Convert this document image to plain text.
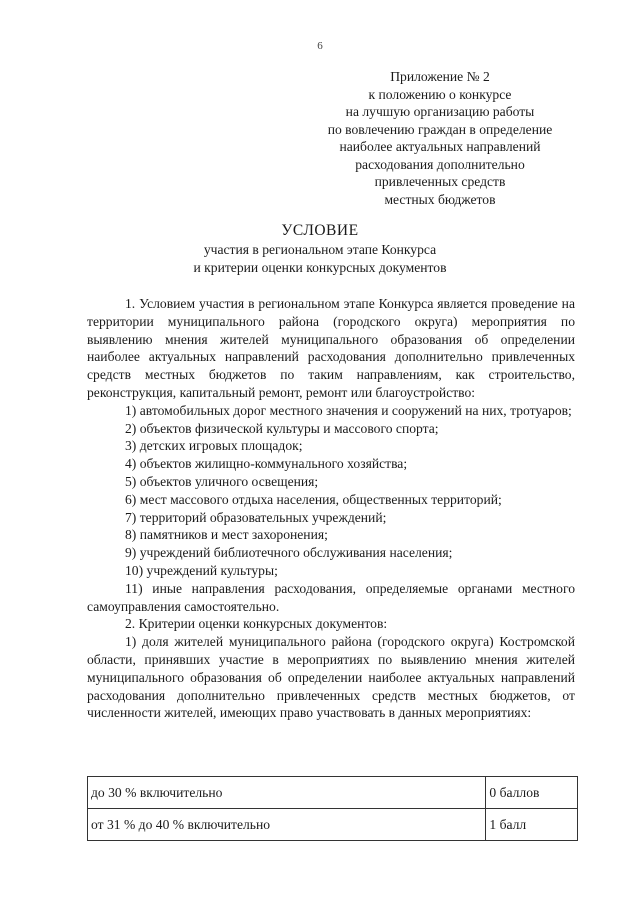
6
Приложение № 2
к положению о конкурсе
на лучшую организацию работы
по вовлечению граждан в определение
наиболее актуальных направлений
расходования дополнительно
привлеченных средств
местных бюджетов
УСЛОВИЕ
участия в региональном этапе Конкурса
и критерии оценки конкурсных документов
1. Условием участия в региональном этапе Конкурса является проведение на территории муниципального района (городского округа) мероприятия по выявлению мнения жителей муниципального образования об определении наиболее актуальных направлений расходования дополнительно привлеченных средств местных бюджетов по таким направлениям, как строительство, реконструкция, капитальный ремонт, ремонт или благоустройство:
1) автомобильных дорог местного значения и сооружений на них, тротуаров;
2) объектов физической культуры и массового спорта;
3) детских игровых площадок;
4) объектов жилищно-коммунального хозяйства;
5) объектов уличного освещения;
6) мест массового отдыха населения, общественных территорий;
7) территорий образовательных учреждений;
8) памятников и мест захоронения;
9) учреждений библиотечного обслуживания населения;
10) учреждений культуры;
11) иные направления расходования, определяемые органами местного самоуправления самостоятельно.
2. Критерии оценки конкурсных документов:
1) доля жителей муниципального района (городского округа) Костромской области, принявших участие в мероприятиях по выявлению мнения жителей муниципального образования об определении наиболее актуальных направлений расходования дополнительно привлеченных средств местных бюджетов, от численности жителей, имеющих право участвовать в данных мероприятиях:
до 30 % включительно	0 баллов
от 31 % до 40 % включительно	1 балл
